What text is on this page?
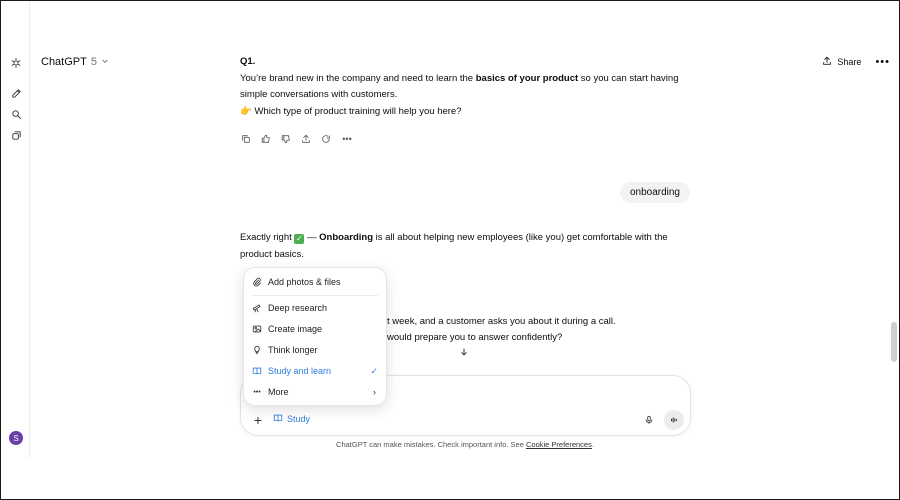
S
ChatGPT 5	Share •••
Q1.
You’re brand new in the company and need to learn the basics of your product so you can start having simple conversations with customers.
👉 Which type of product training will help you here?
•••
onboarding
Exactly right ✓ — Onboarding is all about helping new employees (like you) get comfortable with the product basics.
t week, and a customer asks you about it during a call.
would prepare you to answer confidently?
Add photos & files
Deep research
Create image
Think longer
Study and learn	✓
••• More	›
+	Study
ChatGPT can make mistakes. Check important info. See Cookie Preferences.
